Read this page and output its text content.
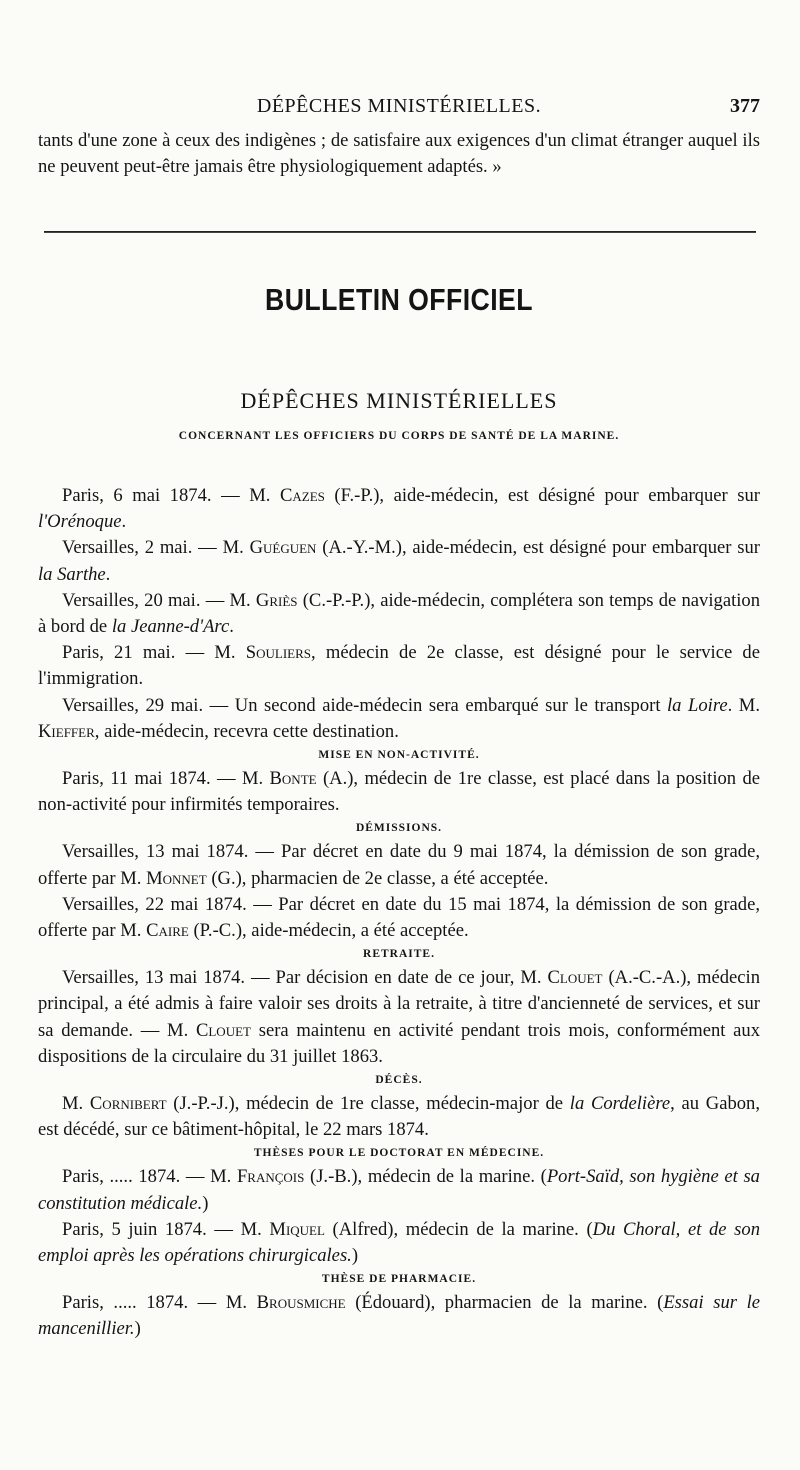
DÉPÊCHES MINISTÉRIELLES.	377

tants d'une zone à ceux des indigènes ; de satisfaire aux exigences d'un climat étranger auquel ils ne peuvent peut-être jamais être physiologiquement adaptés. »

BULLETIN OFFICIEL
DÉPÊCHES MINISTÉRIELLES
CONCERNANT LES OFFICIERS DU CORPS DE SANTÉ DE LA MARINE.

Paris, 6 mai 1874. — M. Cazes (F.-P.), aide-médecin, est désigné pour embarquer sur l'Orénoque.

Versailles, 2 mai. — M. Guéguen (A.-Y.-M.), aide-médecin, est désigné pour embarquer sur la Sarthe.

Versailles, 20 mai. — M. Griès (C.-P.-P.), aide-médecin, complétera son temps de navigation à bord de la Jeanne-d'Arc.

Paris, 21 mai. — M. Souliers, médecin de 2e classe, est désigné pour le service de l'immigration.

Versailles, 29 mai. — Un second aide-médecin sera embarqué sur le transport la Loire. M. Kieffer, aide-médecin, recevra cette destination.

MISE EN NON-ACTIVITÉ.

Paris, 11 mai 1874. — M. Bonte (A.), médecin de 1re classe, est placé dans la position de non-activité pour infirmités temporaires.

DÉMISSIONS.

Versailles, 13 mai 1874. — Par décret en date du 9 mai 1874, la démission de son grade, offerte par M. Monnet (G.), pharmacien de 2e classe, a été acceptée.

Versailles, 22 mai 1874. — Par décret en date du 15 mai 1874, la démission de son grade, offerte par M. Caire (P.-C.), aide-médecin, a été acceptée.

RETRAITE.

Versailles, 13 mai 1874. — Par décision en date de ce jour, M. Clouet (A.-C.-A.), médecin principal, a été admis à faire valoir ses droits à la retraite, à titre d'ancienneté de services, et sur sa demande. — M. Clouet sera maintenu en activité pendant trois mois, conformément aux dispositions de la circulaire du 31 juillet 1863.

DÉCÈS.

M. Cornibert (J.-P.-J.), médecin de 1re classe, médecin-major de la Cordelière, au Gabon, est décédé, sur ce bâtiment-hôpital, le 22 mars 1874.

THÈSES POUR LE DOCTORAT EN MÉDECINE.

Paris, ..... 1874. — M. François (J.-B.), médecin de la marine. (Port-Saïd, son hygiène et sa constitution médicale.)

Paris, 5 juin 1874. — M. Miquel (Alfred), médecin de la marine. (Du Choral, et de son emploi après les opérations chirurgicales.)

THÈSE DE PHARMACIE.

Paris, ..... 1874. — M. Brousmiche (Édouard), pharmacien de la marine. (Essai sur le mancenillier.)
